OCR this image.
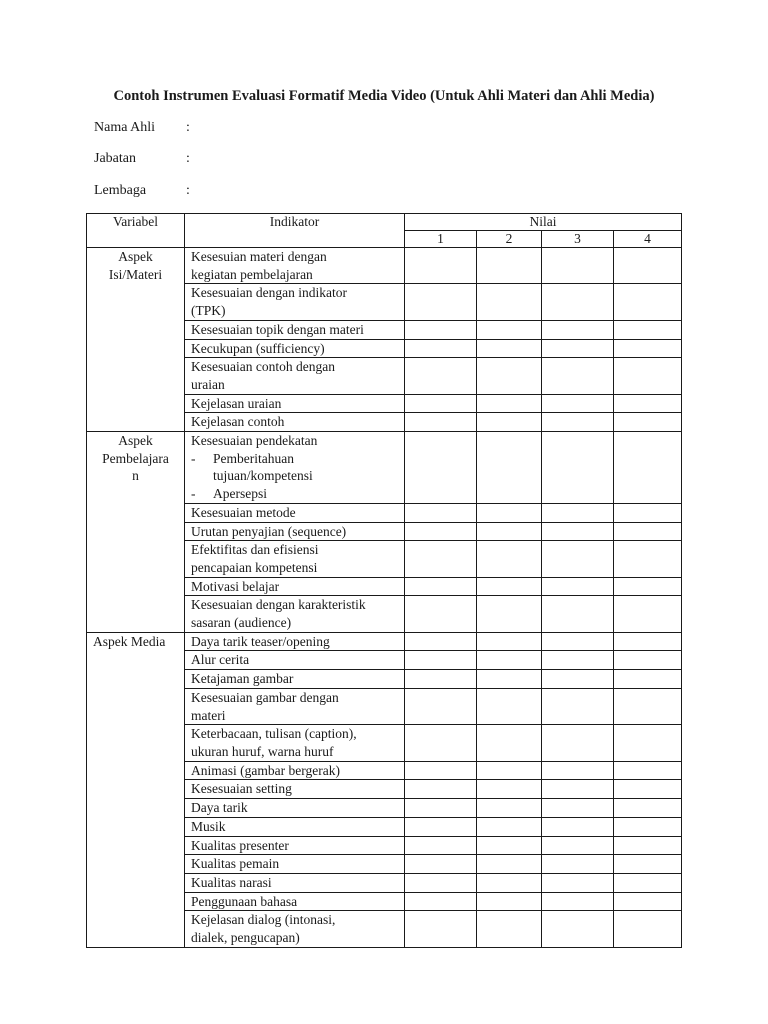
Contoh Instrumen Evaluasi Formatif Media Video (Untuk Ahli Materi dan Ahli Media)
Nama Ahli :
Jabatan	:
Lembaga	:
Variabel	Indikator	Nilai			
		1	2	3	4

Aspek
Isi/Materi	Kesesuian materi dengan
kegiatan pembelajaran				

	Kesesuaian dengan indikator
(TPK)				

	Kesesuaian topik dengan materi				

	Kecukupan (sufficiency)				

	Kesesuaian contoh dengan
uraian				

	Kejelasan uraian				

	Kejelasan contoh				

Aspek
Pembelajara
n	Kesesuaian pendekatan
- Pemberitahuan
tujuan/kompetensi
- Apersepsi				

	Kesesuaian metode				

	Urutan penyajian (sequence)				

	Efektifitas dan efisiensi
pencapaian kompetensi				

	Motivasi belajar				

	Kesesuaian dengan karakteristik
sasaran (audience)				

Aspek Media	Daya tarik teaser/opening				

	Alur cerita				

	Ketajaman gambar				

	Kesesuaian gambar dengan
materi				

	Keterbacaan, tulisan (caption),
ukuran huruf, warna huruf				

	Animasi (gambar bergerak)				

	Kesesuaian setting				

	Daya tarik				

	Musik				

	Kualitas presenter				

	Kualitas pemain				

	Kualitas narasi				

	Penggunaan bahasa				

	Kejelasan dialog (intonasi,
dialek, pengucapan)				
